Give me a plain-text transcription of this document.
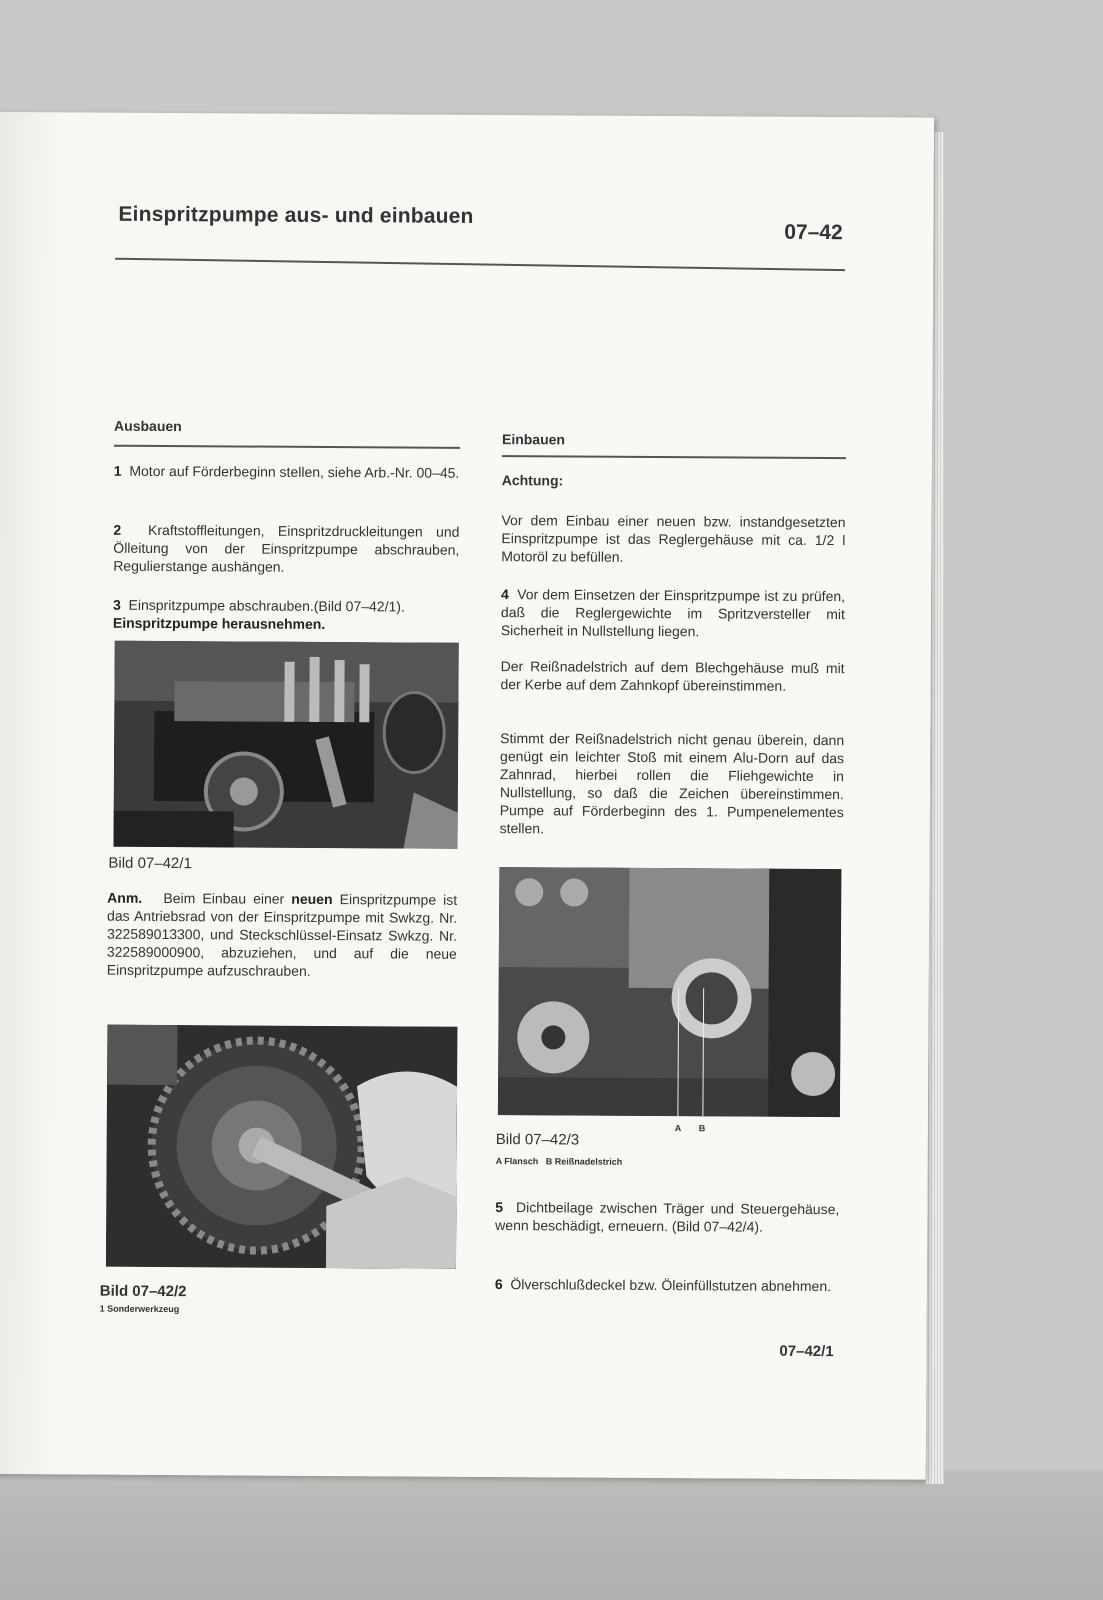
Einspritzpumpe aus- und einbauen
07–42
Ausbauen
1 Motor auf Förderbeginn stellen, siehe Arb.-Nr. 00–45.
2 Kraftstoffleitungen, Einspritzdruckleitungen und Ölleitung von der Einspritzpumpe abschrauben, Regulierstange aushängen.
3 Einspritzpumpe abschrauben.(Bild 07–42/1).
Einspritzpumpe herausnehmen.
Bild 07–42/1
Anm. Beim Einbau einer neuen Einspritzpumpe ist das Antriebsrad von der Einspritzpumpe mit Swkzg. Nr. 322589013300, und Steckschlüssel-Einsatz Swkzg. Nr. 322589000900, abzuziehen, und auf die neue Einspritzpumpe aufzuschrauben.
Bild 07–42/2
1 Sonderwerkzeug
Einbauen
Achtung:
Vor dem Einbau einer neuen bzw. instandgesetzten Einspritzpumpe ist das Reglergehäuse mit ca. 1/2 l Motoröl zu befüllen.
4 Vor dem Einsetzen der Einspritzpumpe ist zu prüfen, daß die Reglergewichte im Spritzversteller mit Sicherheit in Nullstellung liegen.
Der Reißnadelstrich auf dem Blechgehäuse muß mit der Kerbe auf dem Zahnkopf übereinstimmen.
Stimmt der Reißnadelstrich nicht genau überein, dann genügt ein leichter Stoß mit einem Alu-Dorn auf das Zahnrad, hierbei rollen die Fliehgewichte in Nullstellung, so daß die Zeichen übereinstimmen. Pumpe auf Förderbeginn des 1. Pumpenelementes stellen.
A B
Bild 07–42/3
A Flansch   B Reißnadelstrich
5 Dichtbeilage zwischen Träger und Steuergehäuse, wenn beschädigt, erneuern. (Bild 07–42/4).
6 Ölverschlußdeckel bzw. Öleinfüllstutzen abnehmen.
07–42/1
